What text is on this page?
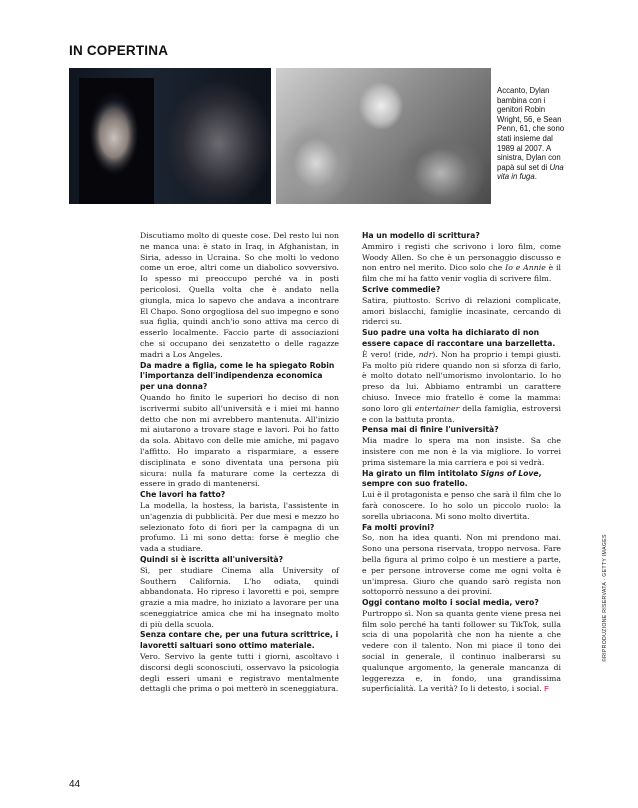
IN COPERTINA
Accanto, Dylan bambina con i genitori Robin Wright, 56, e Sean Penn, 61, che sono stati insieme dal 1989 al 2007. A sinistra, Dylan con papà sul set di Una vita in fuga.

Discutiamo molto di queste cose. Del resto lui non ne manca una: è stato in Iraq, in Afghanistan, in Siria, adesso in Ucraina. So che molti lo vedono come un eroe, altri come un diabolico sovversivo. Io spesso mi preoccupo perché va in posti pericolosi. Quella volta che è andato nella giungla, mica lo sapevo che andava a incontrare El Chapo. Sono orgogliosa del suo impegno e sono sua figlia, quindi anch'io sono attiva ma cerco di esserlo localmente. Faccio parte di associazioni che si occupano dei senzatetto o delle ragazze madri a Los Angeles.

Da madre a figlia, come le ha spiegato Robin l'importanza dell'indipendenza economica per una donna?

Quando ho finito le superiori ho deciso di non iscrivermi subito all'università e i miei mi hanno detto che non mi avrebbero mantenuta. All'inizio mi aiutarono a trovare stage e lavori. Poi ho fatto da sola. Abitavo con delle mie amiche, mi pagavo l'affitto. Ho imparato a risparmiare, a essere disciplinata e sono diventata una persona più sicura: nulla fa maturare come la certezza di essere in grado di mantenersi.

Che lavori ha fatto?

La modella, la hostess, la barista, l'assistente in un'agenzia di pubblicità. Per due mesi e mezzo ho selezionato foto di fiori per la campagna di un profumo. Lì mi sono detta: forse è meglio che vada a studiare.

Quindi si è iscritta all'università?

Sì, per studiare Cinema alla University of Southern California. L'ho odiata, quindi abbandonata. Ho ripreso i lavoretti e poi, sempre grazie a mia madre, ho iniziato a lavorare per una sceneggiatrice amica che mi ha insegnato molto di più della scuola.

Senza contare che, per una futura scrittrice, i lavoretti saltuari sono ottimo materiale.

Vero. Servivo la gente tutti i giorni, ascoltavo i discorsi degli sconosciuti, osservavo la psicologia degli esseri umani e registravo mentalmente dettagli che prima o poi metterò in sceneggiatura.

Ha un modello di scrittura?

Ammiro i registi che scrivono i loro film, come Woody Allen. So che è un personaggio discusso e non entro nel merito. Dico solo che Io e Annie è il film che mi ha fatto venir voglia di scrivere film.

Scrive commedie?

Satira, piuttosto. Scrivo di relazioni complicate, amori bislacchi, famiglie incasinate, cercando di riderci su.

Suo padre una volta ha dichiarato di non essere capace di raccontare una barzelletta.

È vero! (ride, ndr). Non ha proprio i tempi giusti. Fa molto più ridere quando non si sforza di farlo, è molto dotato nell'umorismo involontario. Io ho preso da lui. Abbiamo entrambi un carattere chiuso. Invece mio fratello è come la mamma: sono loro gli entertainer della famiglia, estroversi e con la battuta pronta.

Pensa mai di finire l'università?

Mia madre lo spera ma non insiste. Sa che insistere con me non è la via migliore. Io vorrei prima sistemare la mia carriera e poi si vedrà.

Ha girato un film intitolato Signs of Love, sempre con suo fratello.

Lui è il protagonista e penso che sarà il film che lo farà conoscere. Io ho solo un piccolo ruolo: la sorella ubriacona. Mi sono molto divertita.

Fa molti provini?

So, non ha idea quanti. Non mi prendono mai. Sono una persona riservata, troppo nervosa. Fare bella figura al primo colpo è un mestiere a parte, e per persone introverse come me ogni volta è un'impresa. Giuro che quando sarò regista non sottoporrò nessuno a dei provini.

Oggi contano molto i social media, vero?

Purtroppo sì. Non sa quanta gente viene presa nei film solo perché ha tanti follower su TikTok, sulla scia di una popolarità che non ha niente a che vedere con il talento. Non mi piace il tono dei social in generale, il continuo inalberarsi su qualunque argomento, la generale mancanza di leggerezza e, in fondo, una grandissima superficialità. La verità? Io li detesto, i social. F

©RIPRODUZIONE RISERVATA · GETTY IMAGES
44
